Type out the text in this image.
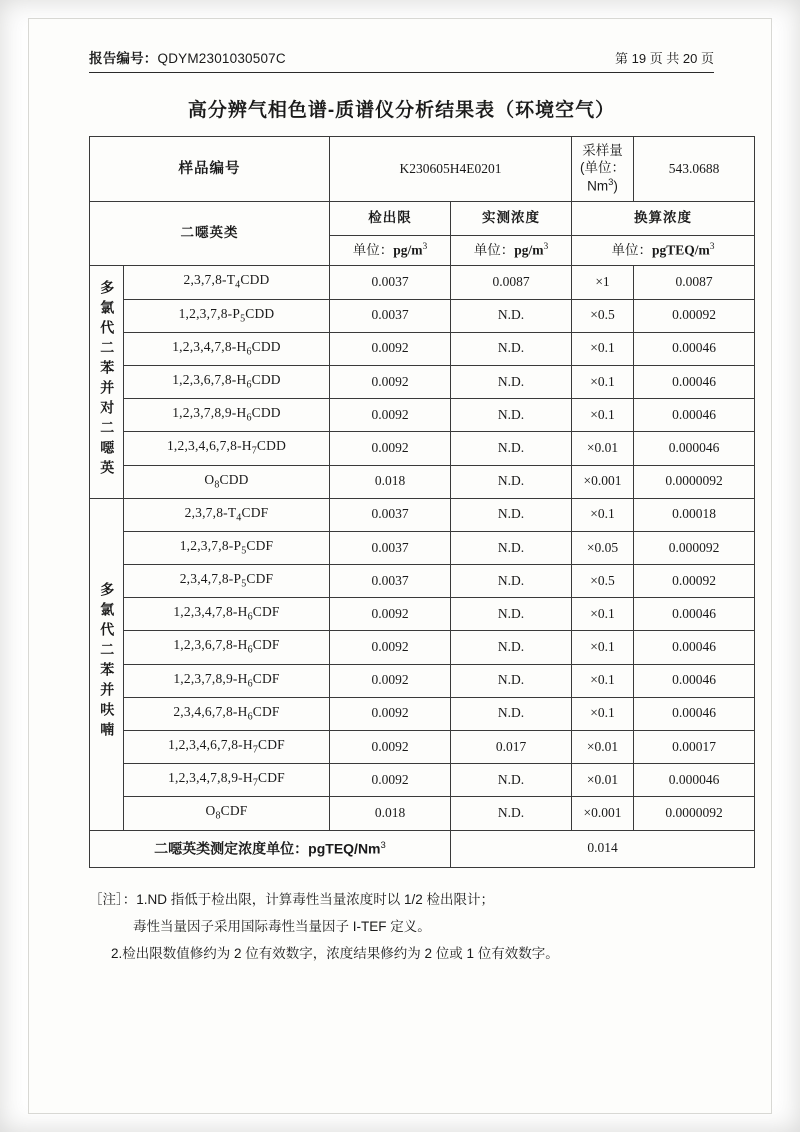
报告编号：QDYM2301030507C	第 19 页 共 20 页
高分辨气相色谱-质谱仪分析结果表（环境空气）
样品编号		K230605H4E0201		采样量(单位：Nm$^3$)	543.0688
二噁英类		检出限	实测浓度	换算浓度	
		单位：$pg/m^3$	单位：$pg/m^3$	单位：pgTEQ/$m^3$
多氯代二苯并对二噁英	$2,3,7,8-T_4CDD$	0.0037	0.0087	×1	0.0087
	$1,2,3,7,8-P_5CDD$	0.0037	N.D.	×0.5	0.00092
	$1,2,3,4,7,8-H_6CDD$	0.0092	N.D.	×0.1	0.00046
	$1,2,3,6,7,8-H_6CDD$	0.0092	N.D.	×0.1	0.00046
	$1,2,3,7,8,9-H_6CDD$	0.0092	N.D.	×0.1	0.00046
	$1,2,3,4,6,7,8-H_7CDD$	0.0092	N.D.	×0.01	0.000046
	$O_8CDD$	0.018	N.D.	×0.001	0.0000092
多氯代二苯并呋喃	$2,3,7,8-T_4CDF$	0.0037	N.D.	×0.1	0.00018
	$1,2,3,7,8-P_5CDF$	0.0037	N.D.	×0.05	0.000092
	$2,3,4,7,8-P_5CDF$	0.0037	N.D.	×0.5	0.00092
	$1,2,3,4,7,8-H_6CDF$	0.0092	N.D.	×0.1	0.00046
	$1,2,3,6,7,8-H_6CDF$	0.0092	N.D.	×0.1	0.00046
	$1,2,3,7,8,9-H_6CDF$	0.0092	N.D.	×0.1	0.00046
	$2,3,4,6,7,8-H_6CDF$	0.0092	N.D.	×0.1	0.00046
	$1,2,3,4,6,7,8-H_7CDF$	0.0092	0.017	×0.01	0.00017
	$1,2,3,4,7,8,9-H_7CDF$	0.0092	N.D.	×0.01	0.000046
	$O_8CDF$	0.018	N.D.	×0.001	0.0000092
二噁英类测定浓度单位：pgTEQ/Nm$^3$			0.014		
［注］：1.ND 指低于检出限，计算毒性当量浓度时以 1/2 检出限计；
毒性当量因子采用国际毒性当量因子 I-TEF 定义。
2.检出限数值修约为 2 位有效数字，浓度结果修约为 2 位或 1 位有效数字。
